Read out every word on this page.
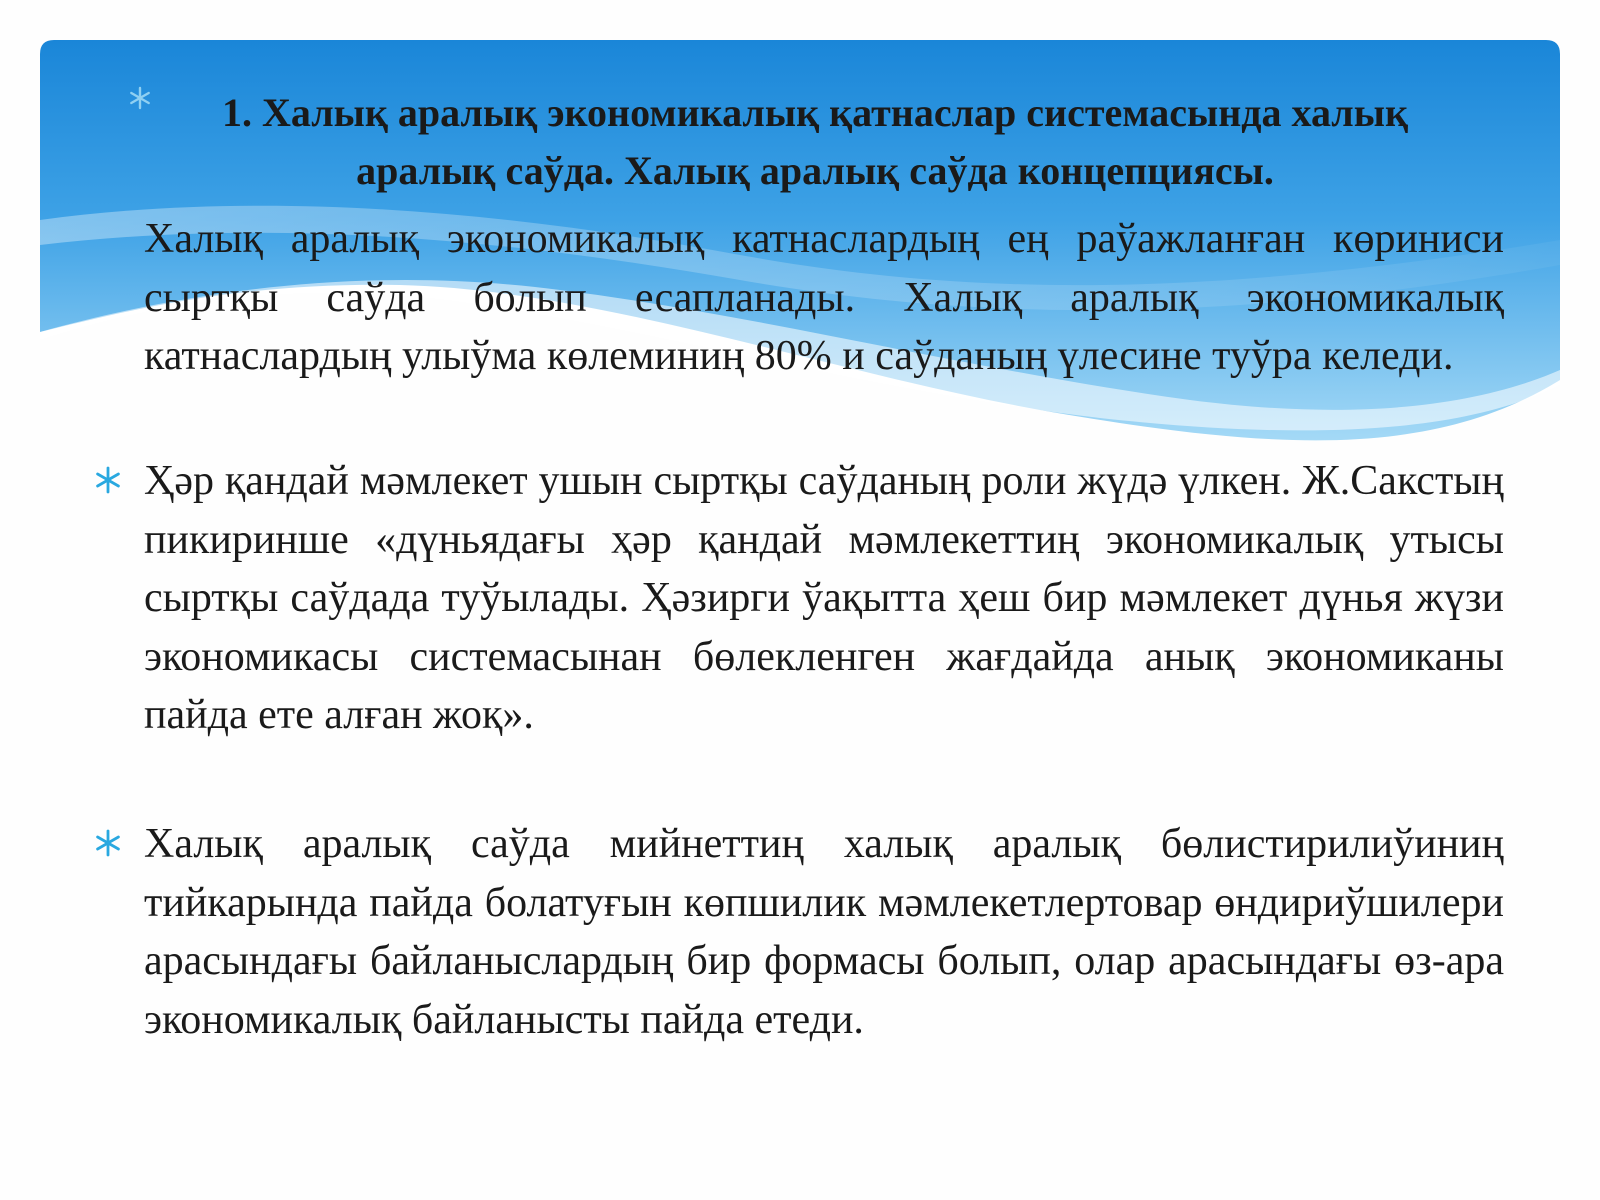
1. Халық аралық экономикалық қатнаслар системасында халық аралық саўда. Халық аралық саўда концепциясы.

Халық аралық экономикалық катнаслардың ең раўажланған көриниси сыртқы саўда болып есапланады. Халық аралық экономикалық катнаслардың улыўма көлеминиң 80% и саўданың үлесине туўра келеди.

Ҳәр қандай мәмлекет ушын сыртқы саўданың роли жүдә үлкен. Ж.Сакстың пикиринше «дүньядағы ҳәр қандай мәмлекеттиң экономикалық утысы сыртқы саўдада туўылады. Ҳәзирги ўақытта ҳеш бир мәмлекет дүнья жүзи экономикасы системасынан бөлекленген жағдайда анық экономиканы пайда ете алған жоқ».

Халық аралық саўда мийнеттиң халық аралық бөлистирилиўиниң тийкарында пайда болатуғын көпшилик мәмлекетлертовар өндириўшилери арасындағы байланыслардың бир формасы болып, олар арасындағы өз-ара экономикалық байланысты пайда етеди.
